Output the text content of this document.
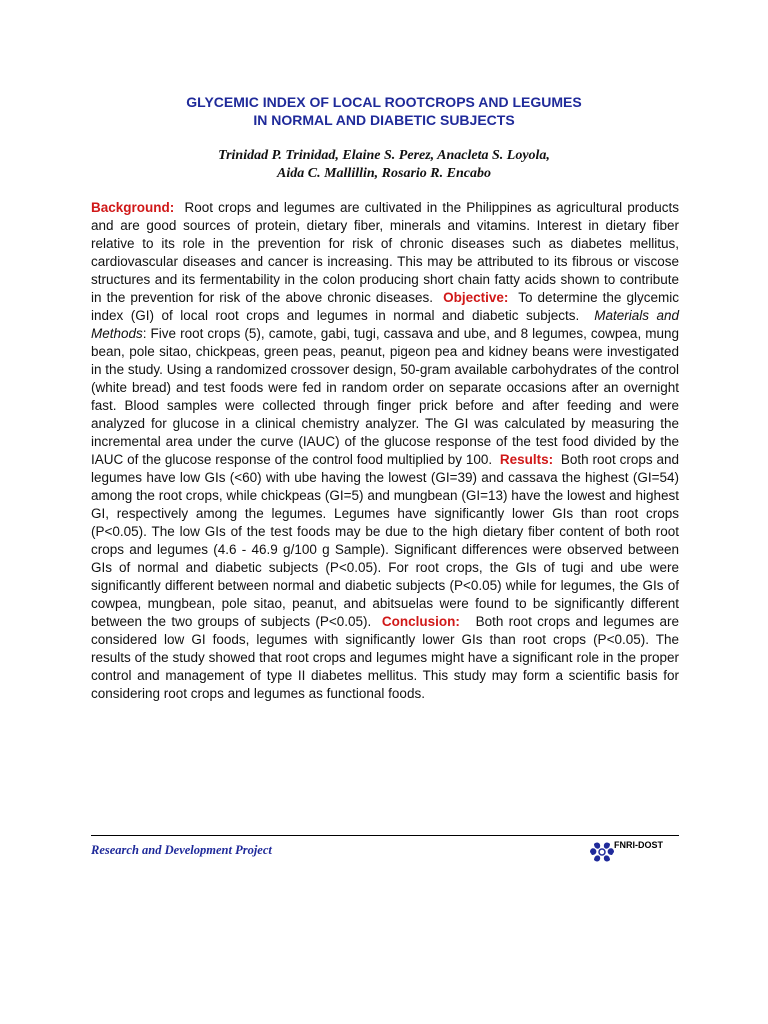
GLYCEMIC INDEX OF LOCAL ROOTCROPS AND LEGUMES
IN NORMAL AND DIABETIC SUBJECTS
Trinidad P. Trinidad, Elaine S. Perez, Anacleta S. Loyola,
Aida C. Mallillin, Rosario R. Encabo

Background: Root crops and legumes are cultivated in the Philippines as agricultural products and are good sources of protein, dietary fiber, minerals and vitamins. Interest in dietary fiber relative to its role in the prevention for risk of chronic diseases such as diabetes mellitus, cardiovascular diseases and cancer is increasing. This may be attributed to its fibrous or viscose structures and its fermentability in the colon producing short chain fatty acids shown to contribute in the prevention for risk of the above chronic diseases. Objective: To determine the glycemic index (GI) of local root crops and legumes in normal and diabetic subjects. Materials and Methods: Five root crops (5), camote, gabi, tugi, cassava and ube, and 8 legumes, cowpea, mung bean, pole sitao, chickpeas, green peas, peanut, pigeon pea and kidney beans were investigated in the study. Using a randomized crossover design, 50-gram available carbohydrates of the control (white bread) and test foods were fed in random order on separate occasions after an overnight fast. Blood samples were collected through finger prick before and after feeding and were analyzed for glucose in a clinical chemistry analyzer. The GI was calculated by measuring the incremental area under the curve (IAUC) of the glucose response of the test food divided by the IAUC of the glucose response of the control food multiplied by 100. Results: Both root crops and legumes have low GIs (<60) with ube having the lowest (GI=39) and cassava the highest (GI=54) among the root crops, while chickpeas (GI=5) and mungbean (GI=13) have the lowest and highest GI, respectively among the legumes. Legumes have significantly lower GIs than root crops (P<0.05). The low GIs of the test foods may be due to the high dietary fiber content of both root crops and legumes (4.6 - 46.9 g/100 g Sample). Significant differences were observed between GIs of normal and diabetic subjects (P<0.05). For root crops, the GIs of tugi and ube were significantly different between normal and diabetic subjects (P<0.05) while for legumes, the GIs of cowpea, mungbean, pole sitao, peanut, and abitsuelas were found to be significantly different between the two groups of subjects (P<0.05). Conclusion: Both root crops and legumes are considered low GI foods, legumes with significantly lower GIs than root crops (P<0.05). The results of the study showed that root crops and legumes might have a significant role in the proper control and management of type II diabetes mellitus. This study may form a scientific basis for considering root crops and legumes as functional foods.

Research and Development Project	FNRI-DOST
